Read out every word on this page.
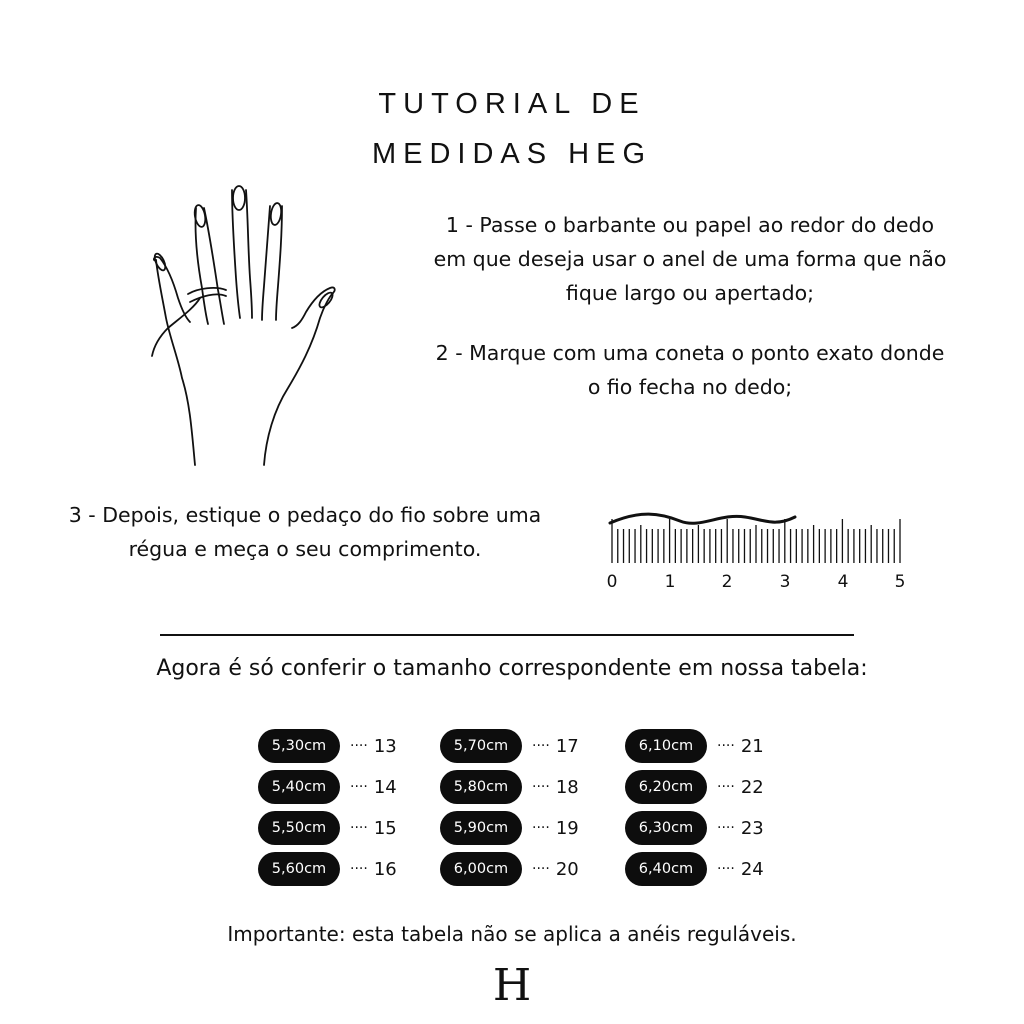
TUTORIAL DE
MEDIDAS HEG
1 - Passe o barbante ou papel ao redor do dedo em que deseja usar o anel de uma forma que não fique largo ou apertado;
2 - Marque com uma coneta o ponto exato donde o fio fecha no dedo;
3 - Depois, estique o pedaço do fio sobre uma régua e meça o seu comprimento.
0	1	2	3	4	5
Agora é só conferir o tamanho correspondente em nossa tabela:
5,30cm	···· 13
5,40cm	···· 14
5,50cm	···· 15
5,60cm	···· 16
5,70cm	···· 17
5,80cm	···· 18
5,90cm	···· 19
6,00cm	···· 20
6,10cm	···· 21
6,20cm	···· 22
6,30cm	···· 23
6,40cm	···· 24
Importante: esta tabela não se aplica a anéis reguláveis.
H
